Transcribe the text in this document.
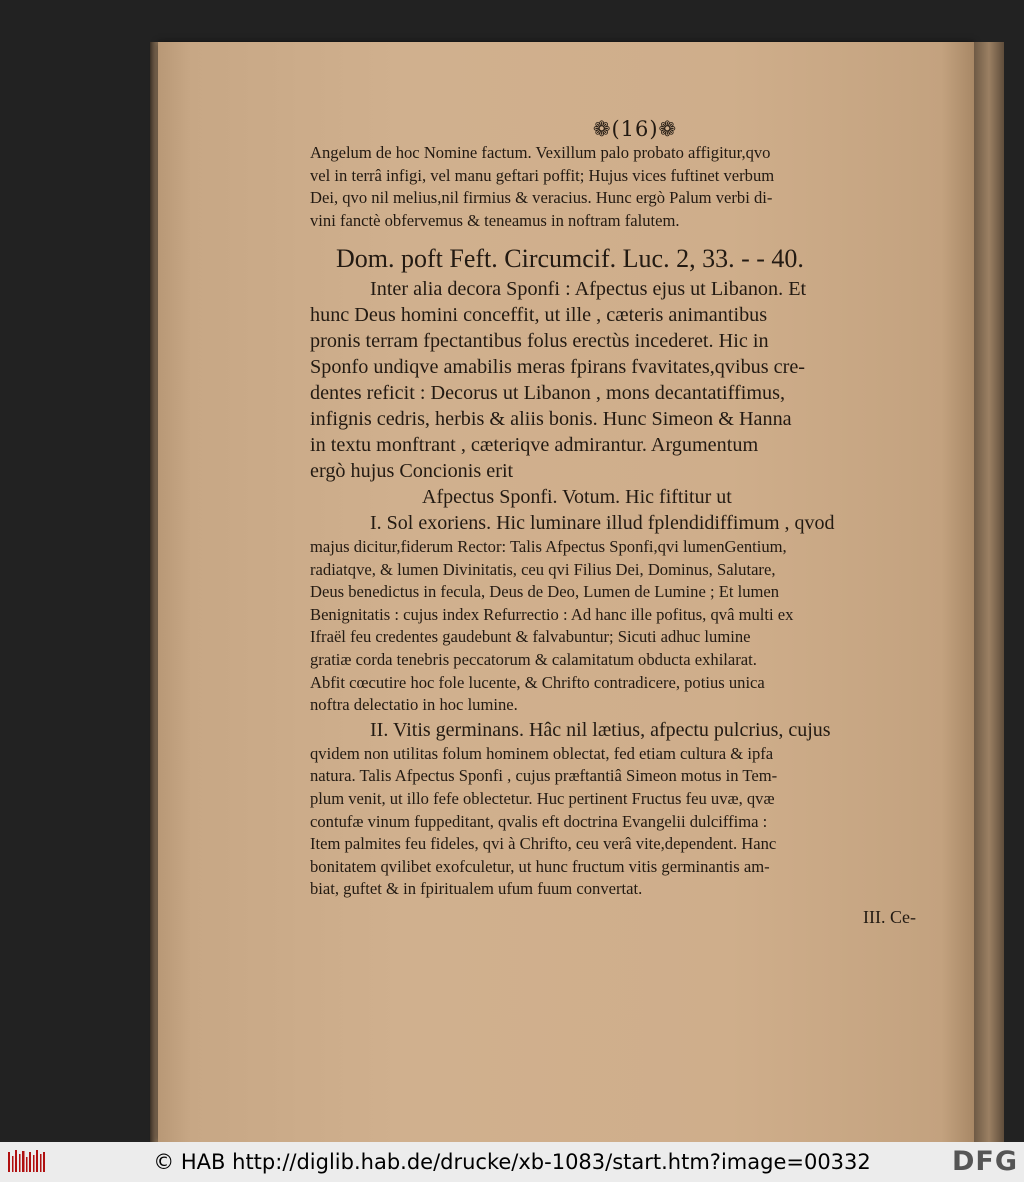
❁(16)❁
Angelum de hoc Nomine factum. Vexillum palo probato affigitur,qvo
vel in terrâ infigi, vel manu geftari poffit; Hujus vices fuftinet verbum
Dei, qvo nil melius,nil firmius & veracius. Hunc ergò Palum verbi di-
vini fanctè obfervemus & teneamus in noftram falutem.
Dom. poft Feft. Circumcif. Luc. 2, 33. - - 40.
Inter alia decora Sponfi : Afpectus ejus ut Libanon. Et
hunc Deus homini conceffit, ut ille , cæteris animantibus
pronis terram fpectantibus folus erectùs incederet. Hic in
Sponfo undiqve amabilis meras fpirans fvavitates,qvibus cre-
dentes reficit : Decorus ut Libanon , mons decantatiffimus,
infignis cedris, herbis & aliis bonis. Hunc Simeon & Hanna
in textu monftrant , cæteriqve admirantur. Argumentum
ergò hujus Concionis erit
Afpectus Sponfi. Votum. Hic fiftitur ut
I. Sol exoriens. Hic luminare illud fplendidiffimum , qvod
majus dicitur,fiderum Rector: Talis Afpectus Sponfi,qvi lumenGentium,
radiatqve, & lumen Divinitatis, ceu qvi Filius Dei, Dominus, Salutare,
Deus benedictus in fecula, Deus de Deo, Lumen de Lumine ; Et lumen
Benignitatis : cujus index Refurrectio : Ad hanc ille pofitus, qvâ multi ex
Ifraël feu credentes gaudebunt & falvabuntur; Sicuti adhuc lumine
gratiæ corda tenebris peccatorum & calamitatum obducta exhilarat.
Abfit cœcutire hoc fole lucente, & Chrifto contradicere, potius unica
noftra delectatio in hoc lumine.
II. Vitis germinans. Hâc nil lætius, afpectu pulcrius, cujus
qvidem non utilitas folum hominem oblectat, fed etiam cultura & ipfa
natura. Talis Afpectus Sponfi , cujus præftantiâ Simeon motus in Tem-
plum venit, ut illo fefe oblectetur. Huc pertinent Fructus feu uvæ, qvæ
contufæ vinum fuppeditant, qvalis eft doctrina Evangelii dulciffima :
Item palmites feu fideles, qvi à Chrifto, ceu verâ vite,dependent. Hanc
bonitatem qvilibet exofculetur, ut hunc fructum vitis germinantis am-
biat, guftet & in fpiritualem ufum fuum convertat.
III. Ce-
© HAB http://diglib.hab.de/drucke/xb-1083/start.htm?image=00332	DFG
